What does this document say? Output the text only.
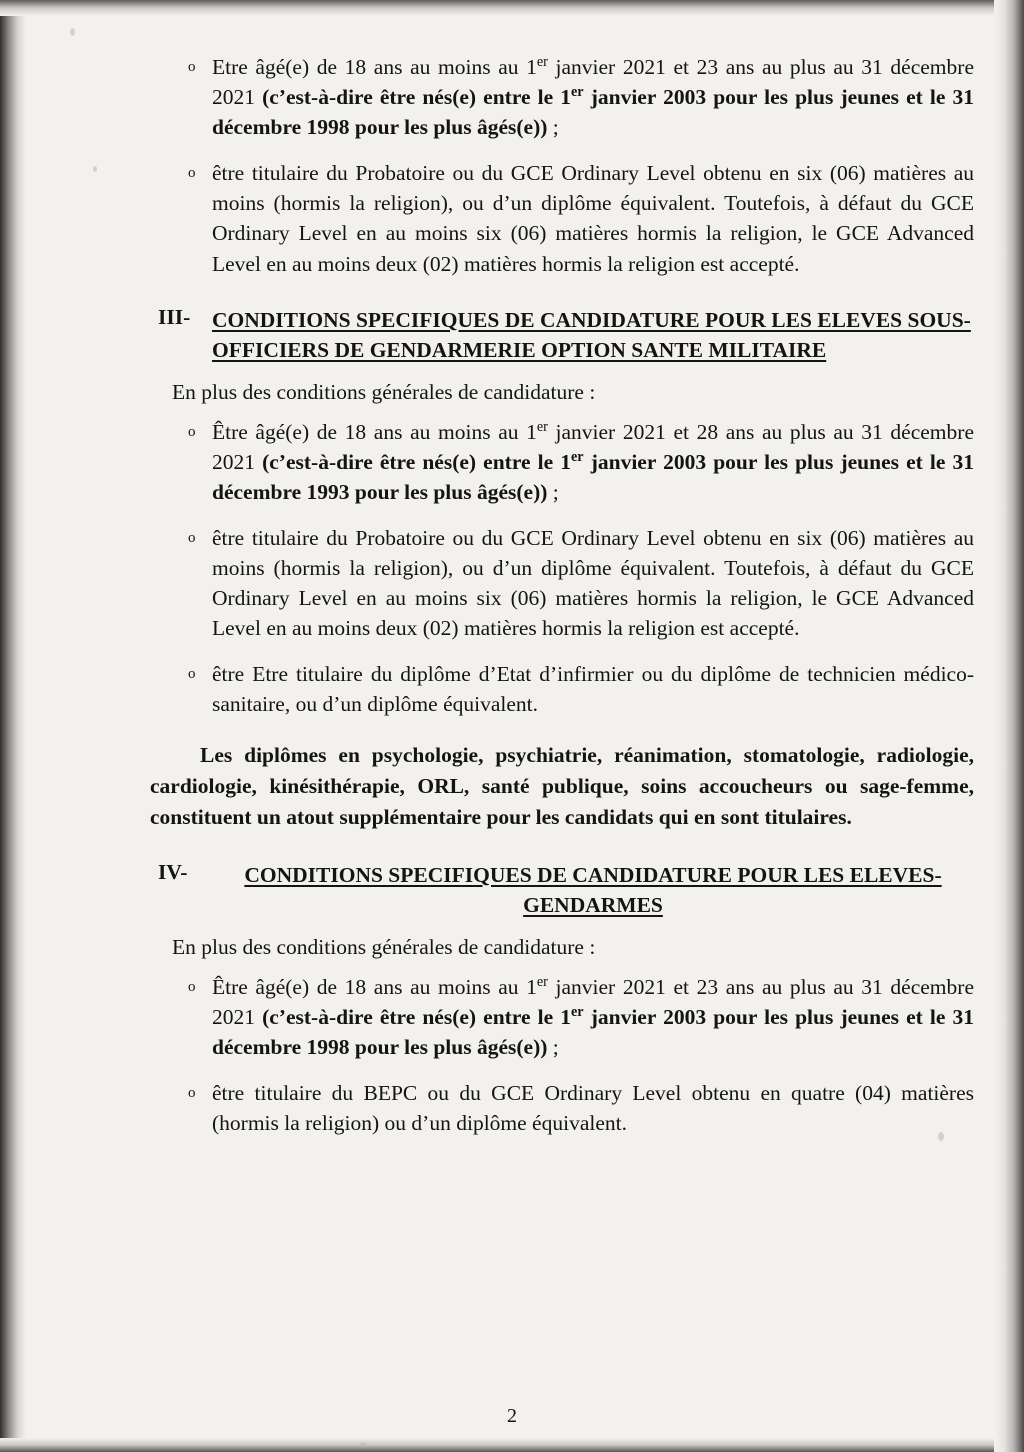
o Etre âgé(e) de 18 ans au moins au 1er janvier 2021 et 23 ans au plus au 31 décembre 2021 (c’est-à-dire être nés(e) entre le 1er janvier 2003 pour les plus jeunes et le 31 décembre 1998 pour les plus âgés(e)) ;
o être titulaire du Probatoire ou du GCE Ordinary Level obtenu en six (06) matières au moins (hormis la religion), ou d’un diplôme équivalent. Toutefois, à défaut du GCE Ordinary Level en au moins six (06) matières hormis la religion, le GCE Advanced Level en au moins deux (02) matières hormis la religion est accepté.
III-	CONDITIONS SPECIFIQUES DE CANDIDATURE POUR LES ELEVES SOUS-OFFICIERS DE GENDARMERIE OPTION SANTE MILITAIRE
En plus des conditions générales de candidature :
o Être âgé(e) de 18 ans au moins au 1er janvier 2021 et 28 ans au plus au 31 décembre 2021 (c’est-à-dire être nés(e) entre le 1er janvier 2003 pour les plus jeunes et le 31 décembre 1993 pour les plus âgés(e)) ;
o être titulaire du Probatoire ou du GCE Ordinary Level obtenu en six (06) matières au moins (hormis la religion), ou d’un diplôme équivalent. Toutefois, à défaut du GCE Ordinary Level en au moins six (06) matières hormis la religion, le GCE Advanced Level en au moins deux (02) matières hormis la religion est accepté.
o être Etre titulaire du diplôme d’Etat d’infirmier ou du diplôme de technicien médico-sanitaire, ou d’un diplôme équivalent.
Les diplômes en psychologie, psychiatrie, réanimation, stomatologie, radiologie, cardiologie, kinésithérapie, ORL, santé publique, soins accoucheurs ou sage-femme, constituent un atout supplémentaire pour les candidats qui en sont titulaires.
IV-	CONDITIONS SPECIFIQUES DE CANDIDATURE POUR LES ELEVES-GENDARMES
En plus des conditions générales de candidature :
o Être âgé(e) de 18 ans au moins au 1er janvier 2021 et 23 ans au plus au 31 décembre 2021 (c’est-à-dire être nés(e) entre le 1er janvier 2003 pour les plus jeunes et le 31 décembre 1998 pour les plus âgés(e)) ;
o être titulaire du BEPC ou du GCE Ordinary Level obtenu en quatre (04) matières (hormis la religion) ou d’un diplôme équivalent.
2
